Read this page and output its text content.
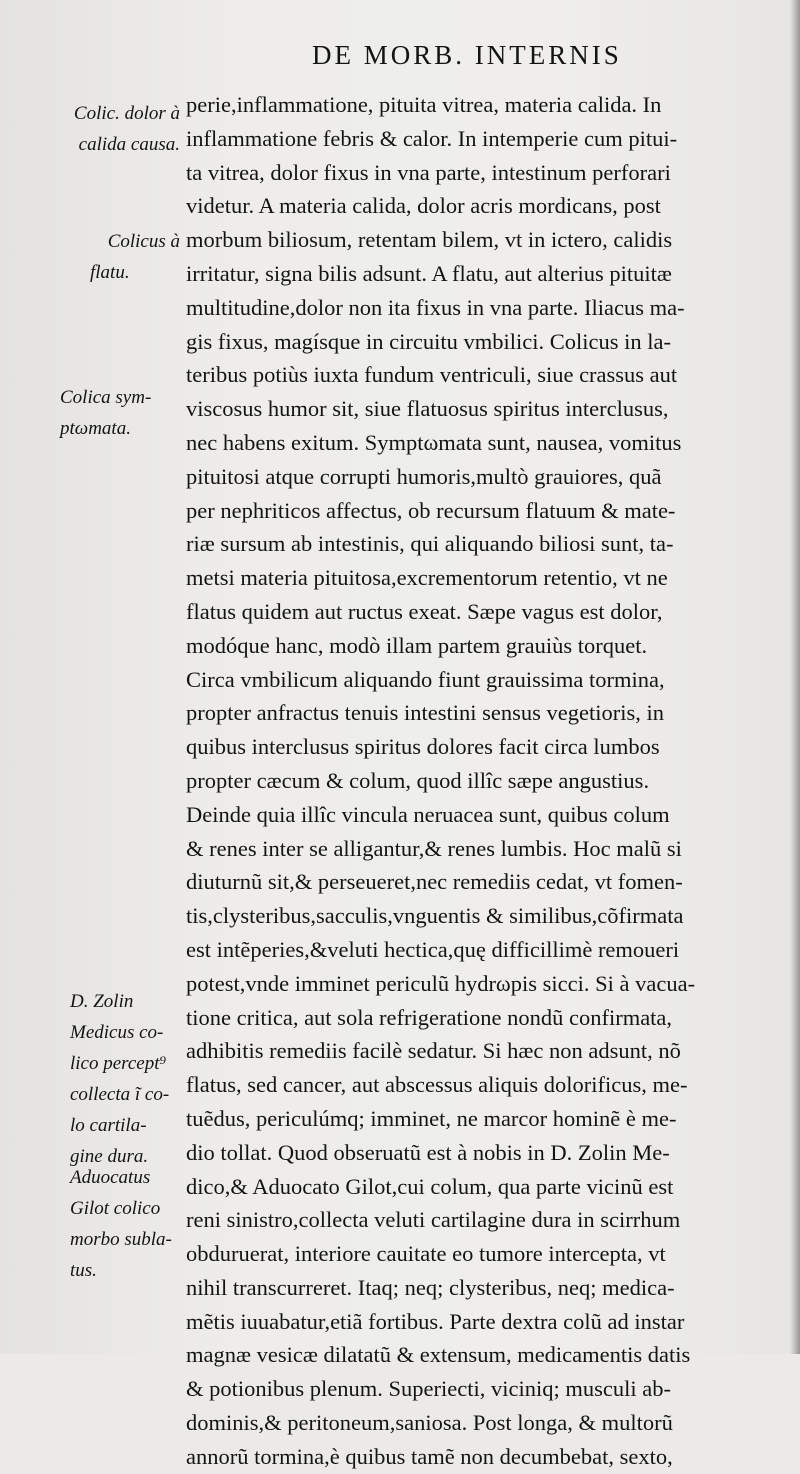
DE MORB. INTERNIS
perie,inflammatione, pituita vitrea, materia calida. In
inflammatione febris & calor. In intemperie cum pitui-
ta vitrea, dolor fixus in vna parte, intestinum perforari
videtur. A materia calida, dolor acris mordicans, post
morbum biliosum, retentam bilem, vt in ictero, calidis
irritatur, signa bilis adsunt. A flatu, aut alterius pituitæ
multitudine,dolor non ita fixus in vna parte. Iliacus ma-
gis fixus, magísque in circuitu vmbilici. Colicus in la-
teribus potiùs iuxta fundum ventriculi, siue crassus aut
viscosus humor sit, siue flatuosus spiritus interclusus,
nec habens exitum. Symptωmata sunt, nausea, vomitus
pituitosi atque corrupti humoris,multò grauiores, quã
per nephriticos affectus, ob recursum flatuum & mate-
riæ sursum ab intestinis, qui aliquando biliosi sunt, ta-
metsi materia pituitosa,excrementorum retentio, vt ne
flatus quidem aut ructus exeat. Sæpe vagus est dolor,
modóque hanc, modò illam partem grauiùs torquet.
Circa vmbilicum aliquando fiunt grauissima tormina,
propter anfractus tenuis intestini sensus vegetioris, in
quibus interclusus spiritus dolores facit circa lumbos
propter cæcum & colum, quod illîc sæpe angustius.
Deinde quia illîc vincula neruacea sunt, quibus colum
& renes inter se alligantur,& renes lumbis. Hoc malũ si
diuturnũ sit,& perseueret,nec remediis cedat, vt fomen-
tis,clysteribus,sacculis,vnguentis & similibus,cõfirmata
est intẽperies,&veluti hectica,quę difficillimè remoueri
potest,vnde imminet periculũ hydrωpis sicci. Si à vacua-
tione critica, aut sola refrigeratione nondũ confirmata,
adhibitis remediis facilè sedatur. Si hæc non adsunt, nõ
flatus, sed cancer, aut abscessus aliquis dolorificus, me-
tuẽdus, periculúmq; imminet, ne marcor hominẽ è me-
dio tollat. Quod obseruatũ est à nobis in D. Zolin Me-
dico,& Aduocato Gilot,cui colum, qua parte vicinũ est
reni sinistro,collecta veluti cartilagine dura in scirrhum
obduruerat, interiore cauitate eo tumore intercepta, vt
nihil transcurreret. Itaq; neq; clysteribus, neq; medica-
mẽtis iuuabatur,etiã fortibus. Parte dextra colũ ad instar
magnæ vesicæ dilatatũ & extensum, medicamentis datis
& potionibus plenum. Superiecti, viciniq; musculi ab-
dominis,& peritoneum,saniosa. Post longa, & multorũ
annorũ tormina,è quibus tamẽ non decumbebat, sexto,
Colic. dolor à
calida causa.
Colicus à
flatu.
Colica sym-
ptωmata.
D. Zolin
Medicus co-
lico percept⁹
collecta ĩ co-
lo cartila-
gine dura.
Aduocatus
Gilot colico
morbo subla-
tus.
